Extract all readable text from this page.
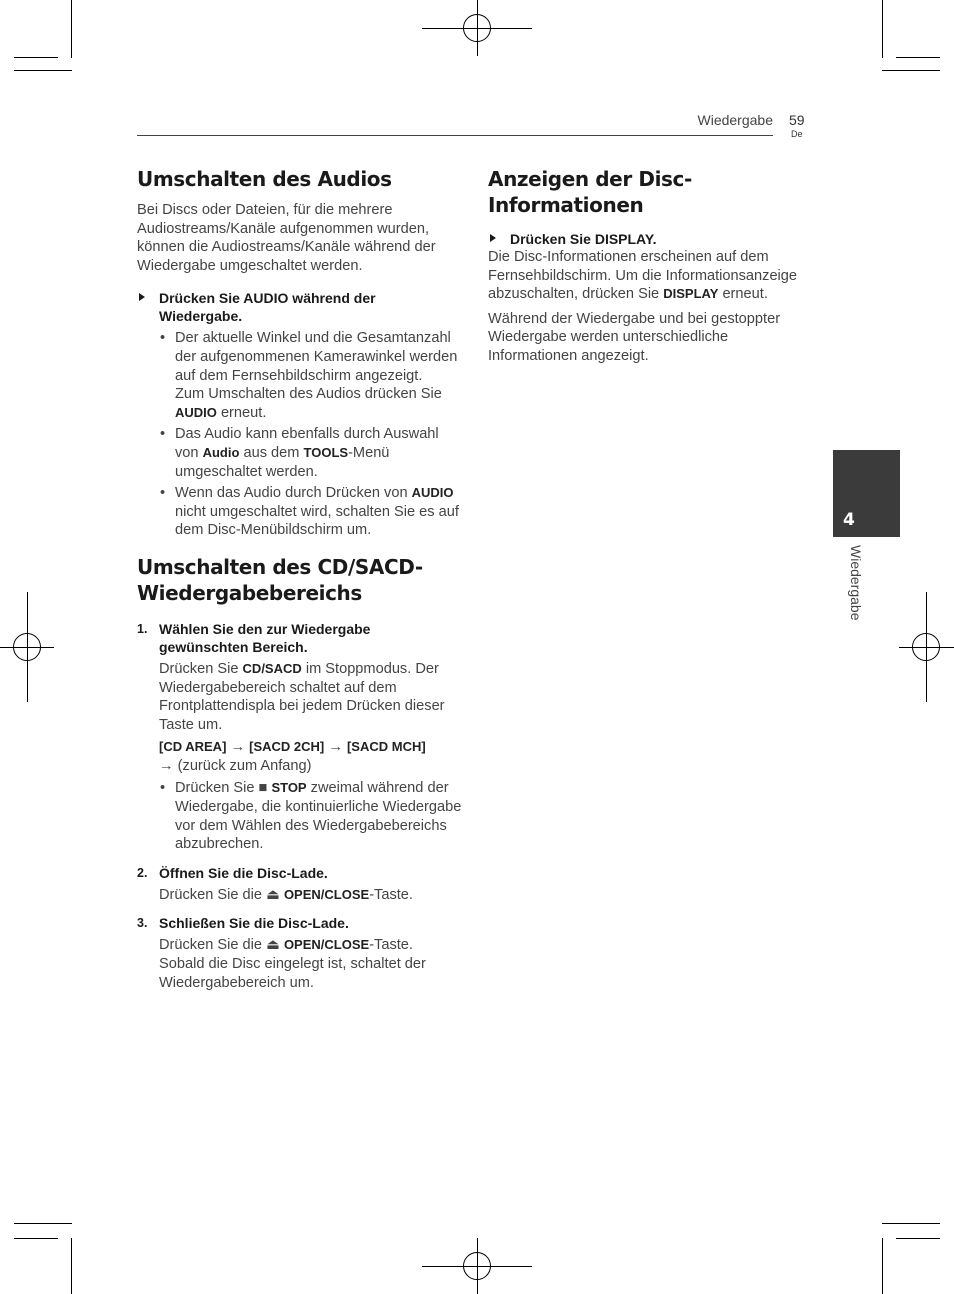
Wiedergabe 59
De
4
Wiedergabe
Umschalten des Audios

Bei Discs oder Dateien, für die mehrere Audiostreams/Kanäle aufgenommen wurden, können die Audiostreams/Kanäle während der Wiedergabe umgeschaltet werden.

Drücken Sie AUDIO während der Wiedergabe.
• Der aktuelle Winkel und die Gesamtanzahl der aufgenommenen Kamerawinkel werden auf dem Fernsehbildschirm angezeigt.
Zum Umschalten des Audios drücken Sie AUDIO erneut.
• Das Audio kann ebenfalls durch Auswahl von Audio aus dem TOOLS-Menü umgeschaltet werden.
• Wenn das Audio durch Drücken von AUDIO nicht umgeschaltet wird, schalten Sie es auf dem Disc-Menübildschirm um.
Umschalten des CD/SACD-Wiedergabebereichs
1. Wählen Sie den zur Wiedergabe gewünschten Bereich.
Drücken Sie CD/SACD im Stoppmodus. Der Wiedergabebereich schaltet auf dem Frontplattendispla bei jedem Drücken dieser Taste um.
[CD AREA] → [SACD 2CH] → [SACD MCH]
→ (zurück zum Anfang)
• Drücken Sie ■ STOP zweimal während der Wiedergabe, die kontinuierliche Wiedergabe vor dem Wählen des Wiedergabebereichs abzubrechen.
2. Öffnen Sie die Disc-Lade.
Drücken Sie die ⏏ OPEN/CLOSE-Taste.
3. Schließen Sie die Disc-Lade.
Drücken Sie die ⏏ OPEN/CLOSE-Taste.
Sobald die Disc eingelegt ist, schaltet der Wiedergabebereich um.
Anzeigen der Disc-Informationen
Drücken Sie DISPLAY.

Die Disc-Informationen erscheinen auf dem Fernsehbildschirm. Um die Informationsanzeige abzuschalten, drücken Sie DISPLAY erneut.

Während der Wiedergabe und bei gestoppter Wiedergabe werden unterschiedliche Informationen angezeigt.
